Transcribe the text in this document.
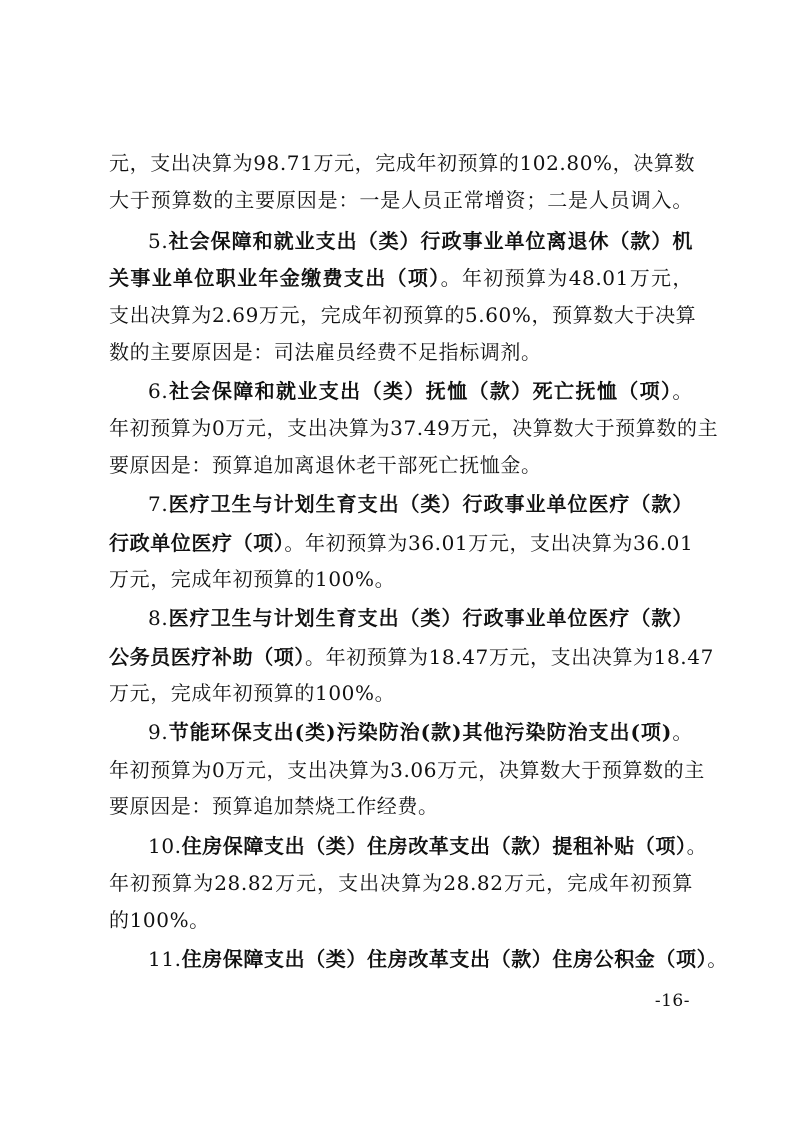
元，支出决算为98.71万元，完成年初预算的102.80%，决算数
大于预算数的主要原因是：一是人员正常增资；二是人员调入。
5.社会保障和就业支出（类）行政事业单位离退休（款）机
关事业单位职业年金缴费支出（项）。年初预算为48.01万元，
支出决算为2.69万元，完成年初预算的5.60%，预算数大于决算
数的主要原因是：司法雇员经费不足指标调剂。
6.社会保障和就业支出（类）抚恤（款）死亡抚恤（项）。
年初预算为0万元，支出决算为37.49万元，决算数大于预算数的主
要原因是：预算追加离退休老干部死亡抚恤金。
7.医疗卫生与计划生育支出（类）行政事业单位医疗（款）
行政单位医疗（项）。年初预算为36.01万元，支出决算为36.01
万元，完成年初预算的100%。
8.医疗卫生与计划生育支出（类）行政事业单位医疗（款）
公务员医疗补助（项）。年初预算为18.47万元，支出决算为18.47
万元，完成年初预算的100%。
9.节能环保支出(类)污染防治(款)其他污染防治支出(项)。
年初预算为0万元，支出决算为3.06万元，决算数大于预算数的主
要原因是：预算追加禁烧工作经费。
10.住房保障支出（类）住房改革支出（款）提租补贴（项）。
年初预算为28.82万元，支出决算为28.82万元，完成年初预算
的100%。
11.住房保障支出（类）住房改革支出（款）住房公积金（项）。
-16-
